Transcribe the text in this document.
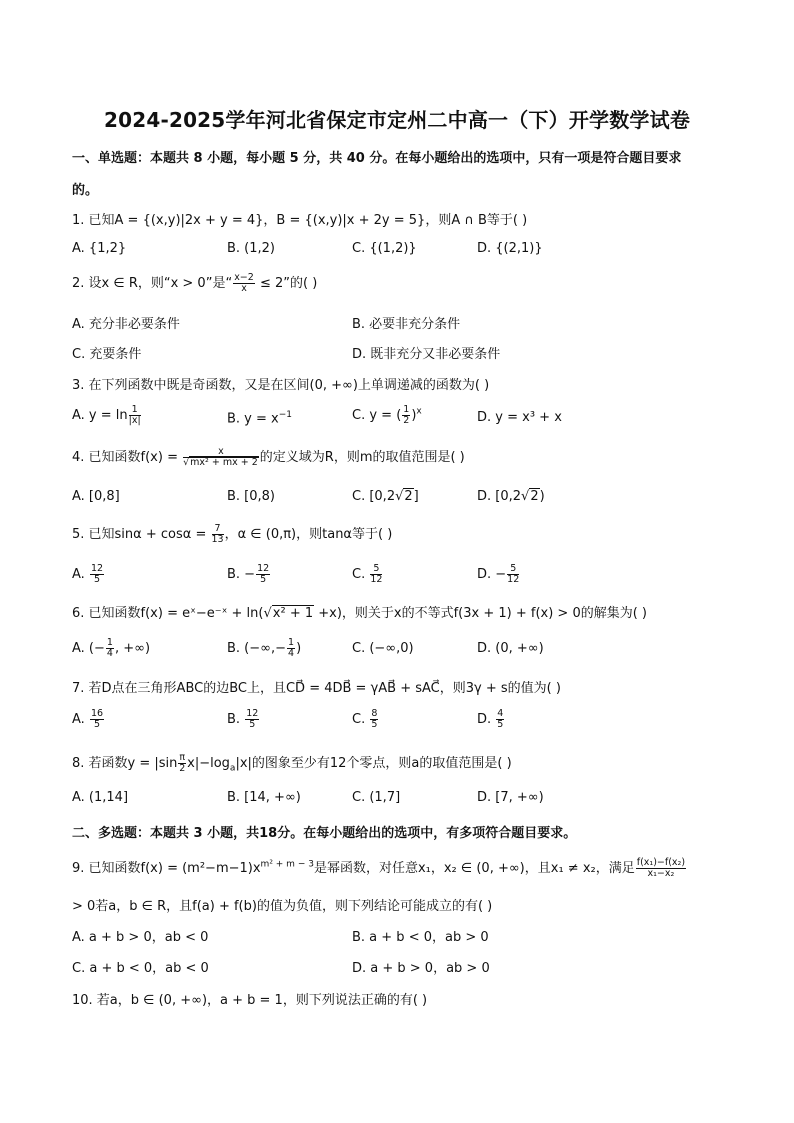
2024-2025学年河北省保定市定州二中高一（下）开学数学试卷
一、单选题：本题共 8 小题，每小题 5 分，共 40 分。在每小题给出的选项中，只有一项是符合题目要求
的。
1. 已知A = {(x,y)|2x + y = 4}，B = {(x,y)|x + 2y = 5}，则A ∩ B等于( )
A. {1,2}	B. (1,2)	C. {(1,2)}	D. {(2,1)}
2. 设x ∈ R，则“x > 0”是“ $\frac{x-2}{x} \le 2$”的( )
A. 充分非必要条件	B. 必要非充分条件
C. 充要条件	D. 既非充分又非必要条件
3. 在下列函数中既是奇函数，又是在区间(0, +∞)上单调递减的函数为( )
A. $y = \ln \frac{1}{|x|}$	B. $y = x^{-1}$	C. y = ( $\frac{1}{2} )^x$	D. y = x³ + x
4. 已知函数$f(x) = \frac{x}{\text{√mx² + mx + 2}}$ 的定义域为R，则m的取值范围是( )
A. [0,8]	B. [0,8)	C. [0,2√2]	D. [0,2√2)
5. 已知$\sin\alpha + \cos\alpha = \frac{7}{13}$ ，α ∈ (0,π)，则tanα等于( )
A. $\frac{12}{5}$	B. − $\frac{12}{5}$	C. $\frac{5}{12}$	D. − $\frac{5}{12}$
6. 已知函数f(x) = eˣ−e⁻ˣ + ln(√x² + 1 +x)，则关于x的不等式f(3x + 1) + f(x) > 0的解集为( )
A. (− $\frac{1}{4}$ , +∞)	B. (−∞,− $\frac{1}{4}$ )	C. (−∞,0)	D. (0, +∞)
7. 若D点在三角形ABC的边BC上，且CD⃗ = 4DB⃗ = γAB⃗ + sAC⃗，则3γ + s的值为( )
A. $\frac{16}{5}$	B. $\frac{12}{5}$	C. $\frac{8}{5}$	D. $\frac{4}{5}$
8. 若函数$y = |\sin \frac{\pi}{2} x|-\log_a|x|$的图象至少有12个零点，则a的取值范围是( )
A. (1,14]	B. [14, +∞)	C. (1,7]	D. [7, +∞)
二、多选题：本题共 3 小题，共18分。在每小题给出的选项中，有多项符合题目要求。
9. 已知函数$f(x) = (m^2-m-1)x^{m^2 + m - 3}$是幂函数，对任意x₁，x₂ ∈ (0, +∞)，且x₁ ≠ x₂，满足 $\frac{\text{f(x₁)−f(x₂)}}{\text{x₁−x₂}}$
> 0若a，b ∈ R，且f(a) + f(b)的值为负值，则下列结论可能成立的有( )
A. a + b > 0，ab < 0	B. a + b < 0，ab > 0
C. a + b < 0，ab < 0	D. a + b > 0，ab > 0
10. 若a，b ∈ (0, +∞)，a + b = 1，则下列说法正确的有( )
